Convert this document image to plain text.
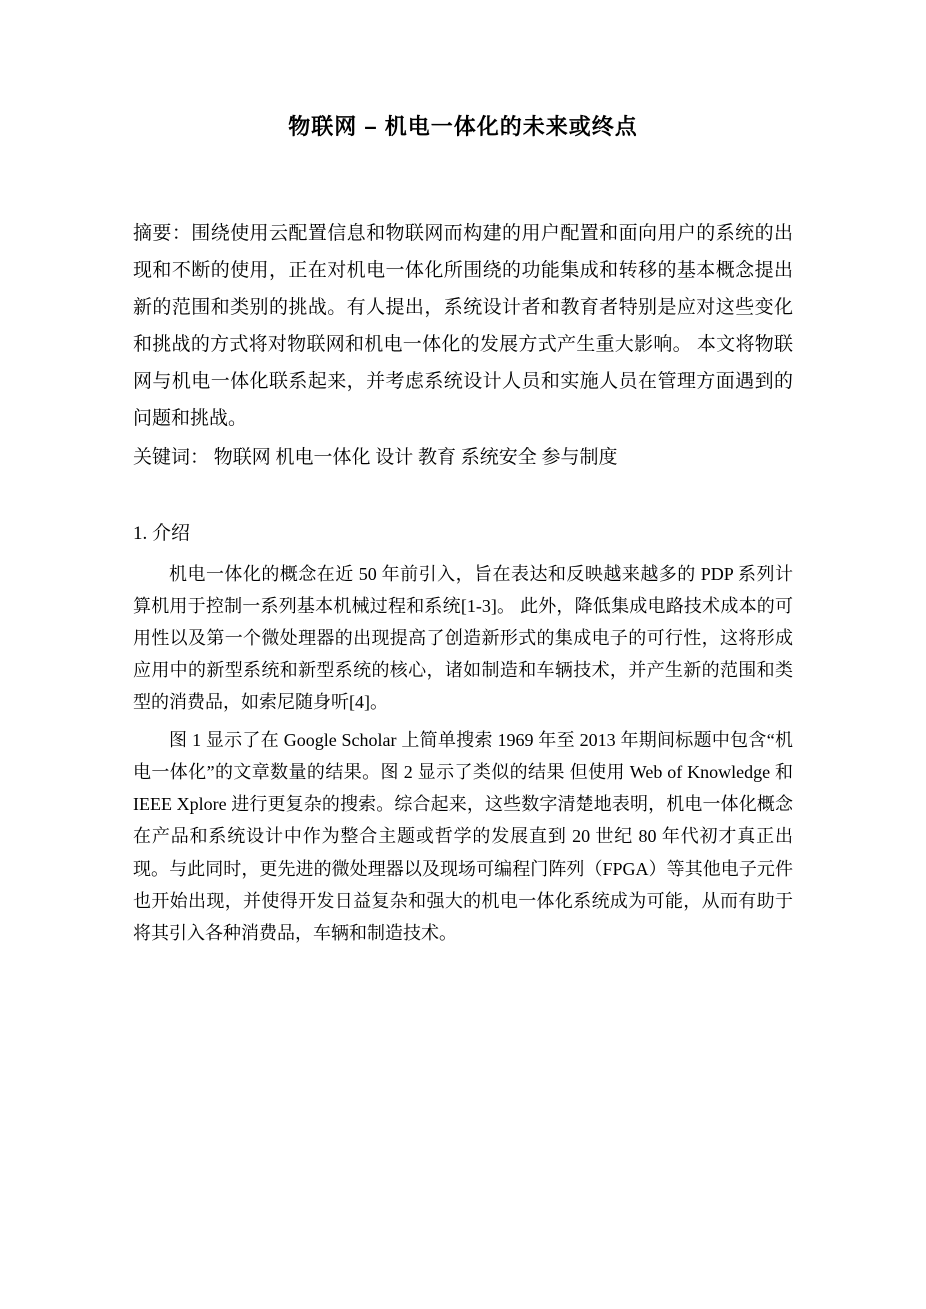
物联网 – 机电一体化的未来或终点
摘要：围绕使用云配置信息和物联网而构建的用户配置和面向用户的系统的出现和不断的使用，正在对机电一体化所围绕的功能集成和转移的基本概念提出新的范围和类别的挑战。有人提出，系统设计者和教育者特别是应对这些变化和挑战的方式将对物联网和机电一体化的发展方式产生重大影响。 本文将物联网与机电一体化联系起来，并考虑系统设计人员和实施人员在管理方面遇到的问题和挑战。
关键词： 物联网 机电一体化 设计 教育 系统安全 参与制度
1. 介绍
机电一体化的概念在近 50 年前引入，旨在表达和反映越来越多的 PDP 系列计算机用于控制一系列基本机械过程和系统[1-3]。 此外，降低集成电路技术成本的可用性以及第一个微处理器的出现提高了创造新形式的集成电子的可行性，这将形成应用中的新型系统和新型系统的核心，诸如制造和车辆技术，并产生新的范围和类型的消费品，如索尼随身听[4]。
图 1 显示了在 Google Scholar 上简单搜索 1969 年至 2013 年期间标题中包含“机电一体化”的文章数量的结果。图 2 显示了类似的结果 但使用 Web of Knowledge 和 IEEE Xplore 进行更复杂的搜索。综合起来，这些数字清楚地表明，机电一体化概念在产品和系统设计中作为整合主题或哲学的发展直到 20 世纪 80 年代初才真正出现。与此同时，更先进的微处理器以及现场可编程门阵列（FPGA）等其他电子元件也开始出现，并使得开发日益复杂和强大的机电一体化系统成为可能，从而有助于将其引入各种消费品，车辆和制造技术。
